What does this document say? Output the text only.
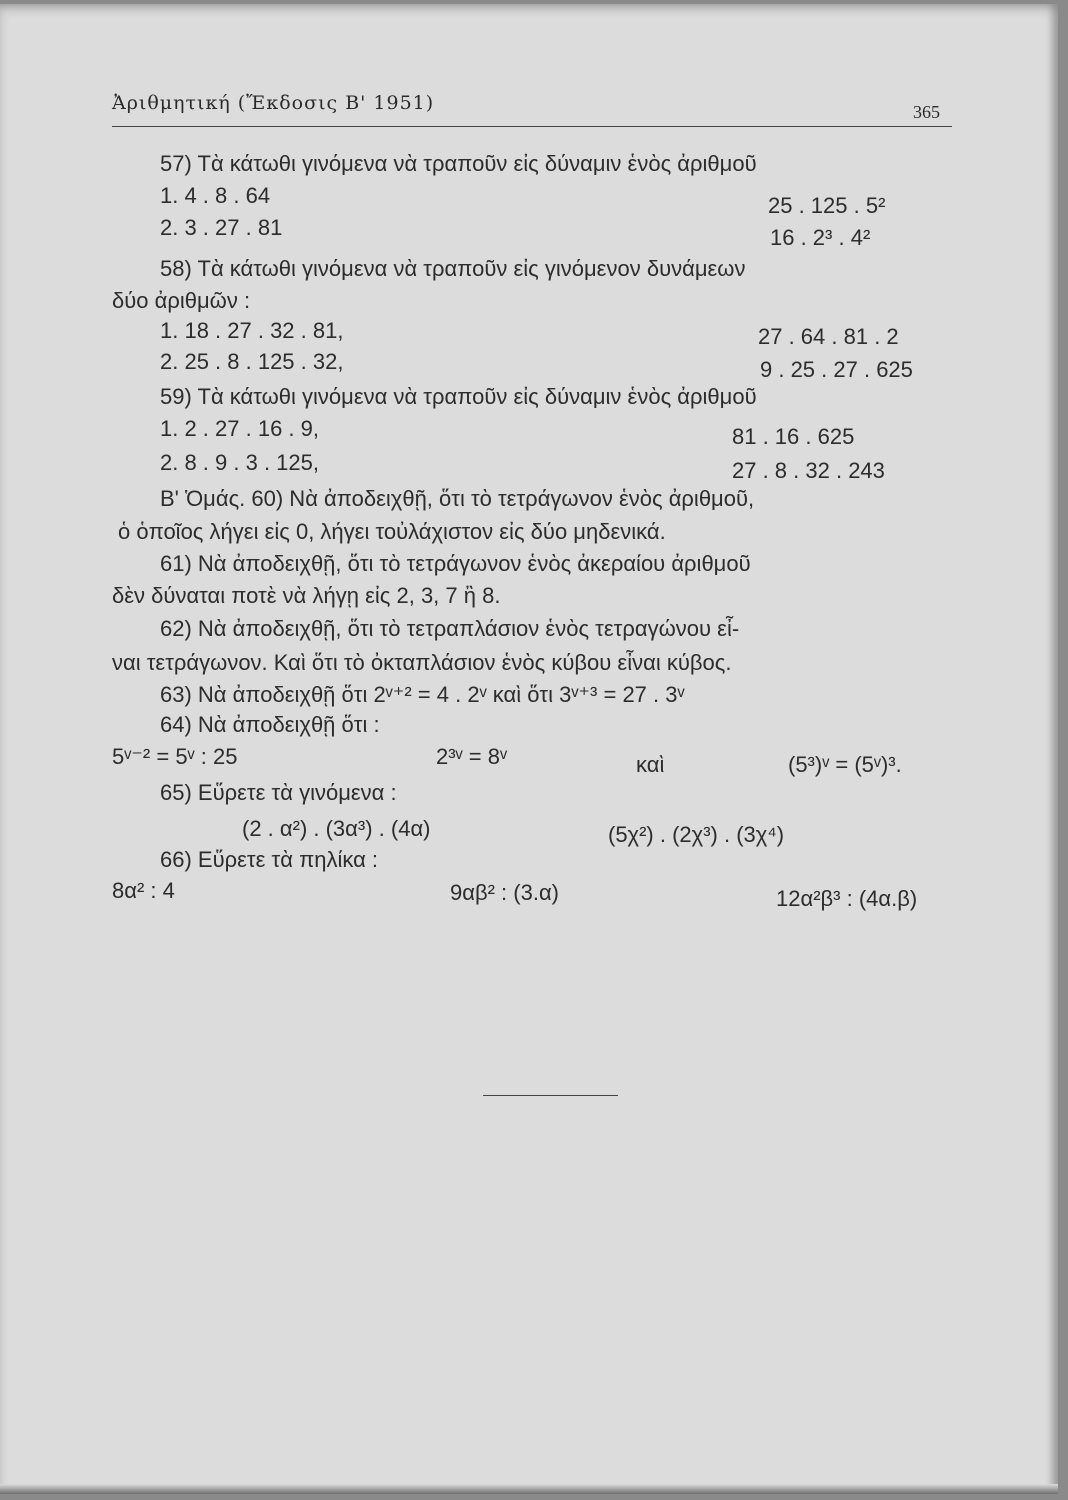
Ἀριθμητική (Ἔκδοσις Β' 1951)	365
57) Τὰ κάτωθι γινόμενα νὰ τραποῦν εἰς δύναμιν ἑνὸς ἀριθμοῦ
1. 4 . 8 . 64	25 . 125 . 5²
2. 3 . 27 . 81	16 . 2³ . 4²
58) Τὰ κάτωθι γινόμενα νὰ τραποῦν εἰς γινόμενον δυνάμεων
δύο ἀριθμῶν :
1. 18 . 27 . 32 . 81,	27 . 64 . 81 . 2
2. 25 . 8 . 125 . 32,	9 . 25 . 27 . 625
59) Τὰ κάτωθι γινόμενα νὰ τραποῦν εἰς δύναμιν ἑνὸς ἀριθμοῦ
1. 2 . 27 . 16 . 9,	81 . 16 . 625
2. 8 . 9 . 3 . 125,	27 . 8 . 32 . 243
Β' Ὁμάς. 60) Νὰ ἀποδειχθῇ, ὅτι τὸ τετράγωνον ἑνὸς ἀριθμοῦ,
ὁ ὁποῖος λήγει εἰς 0, λήγει τοὐλάχιστον εἰς δύο μηδενικά.
61) Νὰ ἀποδειχθῇ, ὅτι τὸ τετράγωνον ἑνὸς ἀκεραίου ἀριθμοῦ
δὲν δύναται ποτὲ νὰ λήγῃ εἰς 2, 3, 7 ἢ 8.
62) Νὰ ἀποδειχθῇ, ὅτι τὸ τετραπλάσιον ἑνὸς τετραγώνου εἶ-
ναι τετράγωνον. Καὶ ὅτι τὸ ὀκταπλάσιον ἑνὸς κύβου εἶναι κύβος.
63) Νὰ ἀποδειχθῇ ὅτι 2ᵛ⁺² = 4 . 2ᵛ καὶ ὅτι 3ᵛ⁺³ = 27 . 3ᵛ
64) Νὰ ἀποδειχθῇ ὅτι :
5ᵛ⁻² = 5ᵛ : 25	2³ᵛ = 8ᵛ	καὶ	(5³)ᵛ = (5ᵛ)³.
65) Εὕρετε τὰ γινόμενα :
(2 . α²) . (3α³) . (4α)	(5χ²) . (2χ³) . (3χ⁴)
66) Εὕρετε τὰ πηλίκα :
8α² : 4	9αβ² : (3.α)	12α²β³ : (4α.β)
